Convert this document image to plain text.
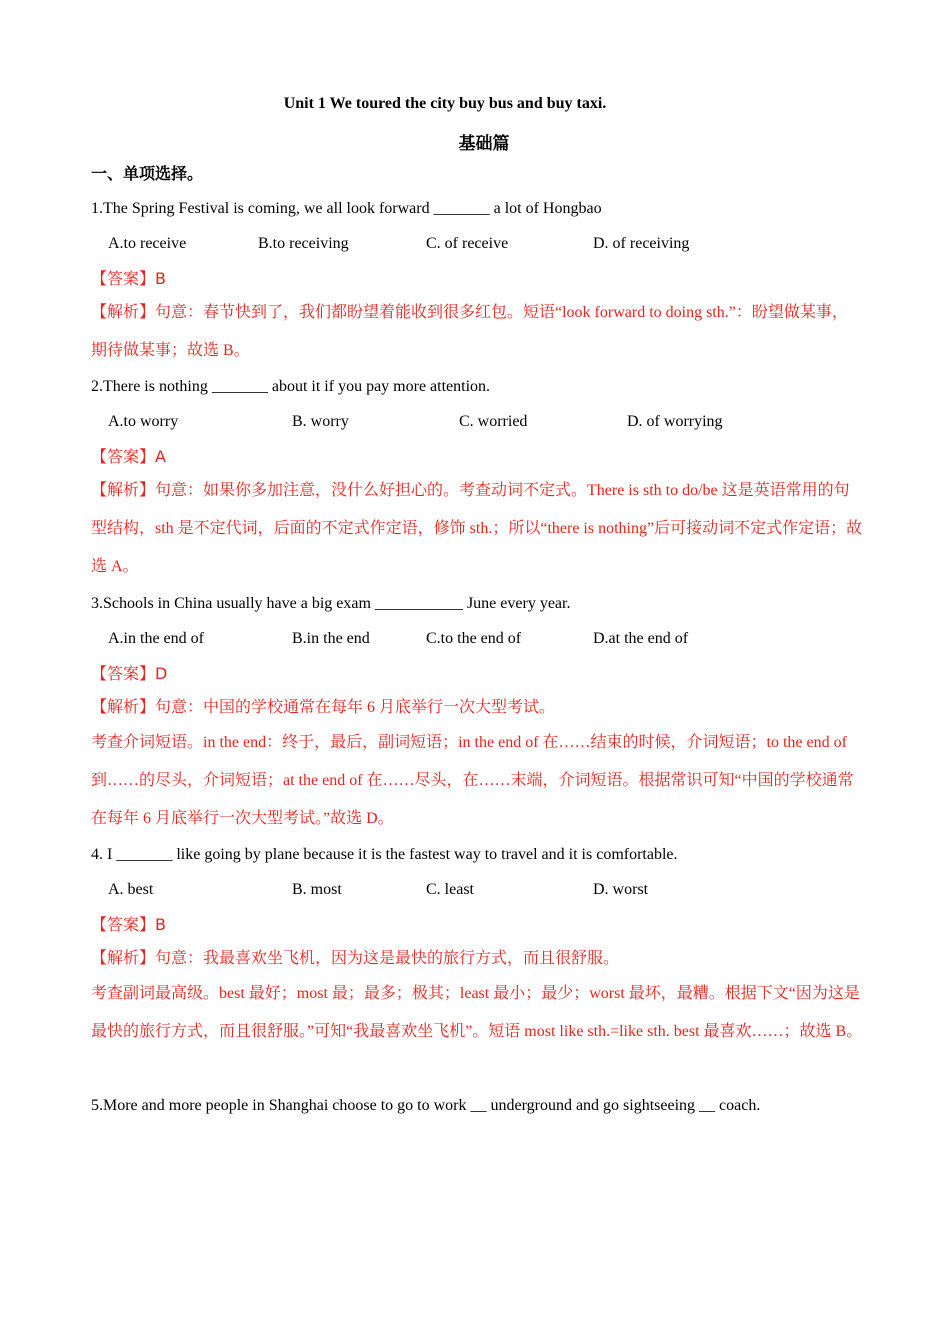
Unit 1 We toured the city buy bus and buy taxi.
基础篇
一、单项选择。
1.The Spring Festival is coming, we all look forward _______ a lot of Hongbao
A.to receive	B.to receiving	C. of receive	D. of receiving
【答案】B
【解析】句意：春节快到了，我们都盼望着能收到很多红包。短语“look forward to doing sth.”：盼望做某事，期待做某事；故选 B。
2.There is nothing _______ about it if you pay more attention.
A.to worry	B. worry	C. worried	D. of worrying
【答案】A
【解析】句意：如果你多加注意，没什么好担心的。考查动词不定式。There is sth to do/be 这是英语常用的句型结构，sth 是不定代词，后面的不定式作定语，修饰 sth.；所以“there is nothing”后可接动词不定式作定语；故选 A。
3.Schools in China usually have a big exam ___________ June every year.
A.in the end of	B.in the end	C.to the end of	D.at the end of
【答案】D
【解析】句意：中国的学校通常在每年 6 月底举行一次大型考试。
考查介词短语。in the end：终于，最后，副词短语；in the end of 在……结束的时候，介词短语；to the end of 到……的尽头，介词短语；at the end of 在……尽头，在……末端，介词短语。根据常识可知“中国的学校通常在每年 6 月底举行一次大型考试。”故选 D。
4. I _______ like going by plane because it is the fastest way to travel and it is comfortable.
A. best	B. most	C. least	D. worst
【答案】B
【解析】句意：我最喜欢坐飞机，因为这是最快的旅行方式，而且很舒服。
考查副词最高级。best 最好；most 最；最多；极其；least 最小；最少；worst 最坏，最糟。根据下文“因为这是最快的旅行方式，而且很舒服。”可知“我最喜欢坐飞机”。短语 most like sth.=like sth. best 最喜欢……；故选 B。
5.More and more people in Shanghai choose to go to work __ underground and go sightseeing __ coach.
